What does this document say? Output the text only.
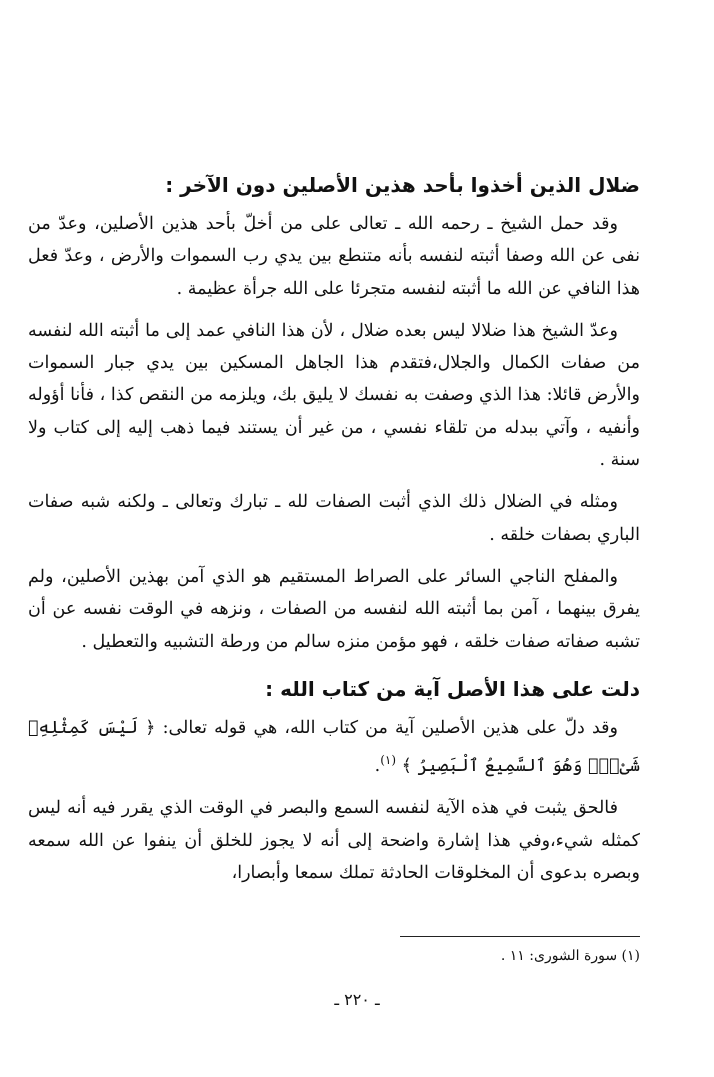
ضلال الذين أخذوا بأحد هذين الأصلين دون الآخر :

وقد حمل الشيخ ـ رحمه الله ـ تعالى على من أخلّ بأحد هذين الأصلين، وعدّ من نفى عن الله وصفا أثبته لنفسه بأنه متنطع بين يدي رب السموات والأرض ، وعدّ فعل هذا النافي عن الله ما أثبته لنفسه متجرئا على الله جرأة عظيمة .

وعدّ الشيخ هذا ضلالا ليس بعده ضلال ، لأن هذا النافي عمد إلى ما أثبته الله لنفسه من صفات الكمال والجلال،فتقدم هذا الجاهل المسكين بين يدي جبار السموات والأرض قائلا: هذا الذي وصفت به نفسك لا يليق بك، ويلزمه من النقص كذا ، فأنا أؤوله وأنفيه ، وآتي ببدله من تلقاء نفسي ، من غير أن يستند فيما ذهب إليه إلى كتاب ولا سنة .

ومثله في الضلال ذلك الذي أثبت الصفات لله ـ تبارك وتعالى ـ ولكنه شبه صفات الباري بصفات خلقه .

والمفلح الناجي السائر على الصراط المستقيم هو الذي آمن بهذين الأصلين، ولم يفرق بينهما ، آمن بما أثبته الله لنفسه من الصفات ، ونزهه في الوقت نفسه عن أن تشبه صفاته صفات خلقه ، فهو مؤمن منزه سالم من ورطة التشبيه والتعطيل .

دلت على هذا الأصل آية من كتاب الله :

وقد دلّ على هذين الأصلين آية من كتاب الله، هي قوله تعالى: ﴿ لَيْسَ كَمِثْلِهِۦ شَىْءٌۖ وَهُوَ ٱلسَّمِيعُ ٱلْبَصِيرُ ﴾ $^{(١)}$.

فالحق يثبت في هذه الآية لنفسه السمع والبصر في الوقت الذي يقرر فيه أنه ليس كمثله شيء،وفي هذا إشارة واضحة إلى أنه لا يجوز للخلق أن ينفوا عن الله سمعه وبصره بدعوى أن المخلوقات الحادثة تملك سمعا وأبصارا،

(١) سورة الشورى: ١١ .
ـ ٢٢٠ ـ
